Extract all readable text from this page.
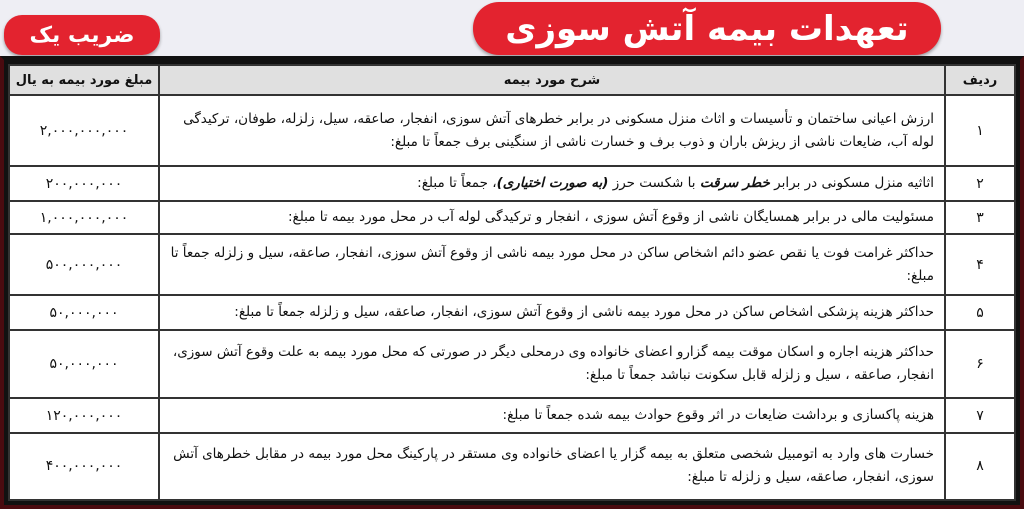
تعهدات بیمه آتش سوزی
ضریب یک
ردیف	شرح مورد بیمه	مبلغ مورد بیمه به یال
۱	ارزش اعیانی ساختمان و تأسیسات و اثاث منزل مسکونی در برابر خطرهای آتش سوزی، انفجار، صاعقه، سیل، زلزله، طوفان، ترکیدگی لوله آب، ضایعات ناشی از ریزش باران و ذوب برف و خسارت ناشی از سنگینی برف جمعاً تا مبلغ:	۲,۰۰۰,۰۰۰,۰۰۰
۲	اثاثیه منزل مسکونی در برابر خطر سرقت با شکست حرز (به صورت اختیاری)، جمعاً تا مبلغ:	۲۰۰,۰۰۰,۰۰۰
۳	مسئولیت مالی در برابر همسایگان ناشی از وقوع آتش سوزی ، انفجار و ترکیدگی لوله آب در محل مورد بیمه تا مبلغ:	۱,۰۰۰,۰۰۰,۰۰۰
۴	حداکثر غرامت فوت یا نقص عضو دائم اشخاص ساکن در محل مورد بیمه ناشی از وقوع آتش سوزی، انفجار، صاعقه، سیل و زلزله جمعاً تا مبلغ:	۵۰۰,۰۰۰,۰۰۰
۵	حداکثر هزینه پزشکی اشخاص ساکن در محل مورد بیمه ناشی از وقوع آتش سوزی، انفجار، صاعقه، سیل و زلزله جمعاً تا مبلغ:	۵۰,۰۰۰,۰۰۰
۶	حداکثر هزینه اجاره و اسکان موقت بیمه گزارو اعضای خانواده وی درمحلی دیگر در صورتی که محل مورد بیمه به علت وقوع آتش سوزی، انفجار، صاعقه ، سیل و زلزله قابل سکونت نباشد جمعاً تا مبلغ:	۵۰,۰۰۰,۰۰۰
۷	هزینه پاکسازی و برداشت ضایعات در اثر وقوع حوادث بیمه شده جمعاً تا مبلغ:	۱۲۰,۰۰۰,۰۰۰
۸	خسارت های وارد به اتومبیل شخصی متعلق به بیمه گزار یا اعضای خانواده وی مستقر در پارکینگ محل مورد بیمه در مقابل خطرهای آتش سوزی، انفجار، صاعقه، سیل و زلزله تا مبلغ:	۴۰۰,۰۰۰,۰۰۰
